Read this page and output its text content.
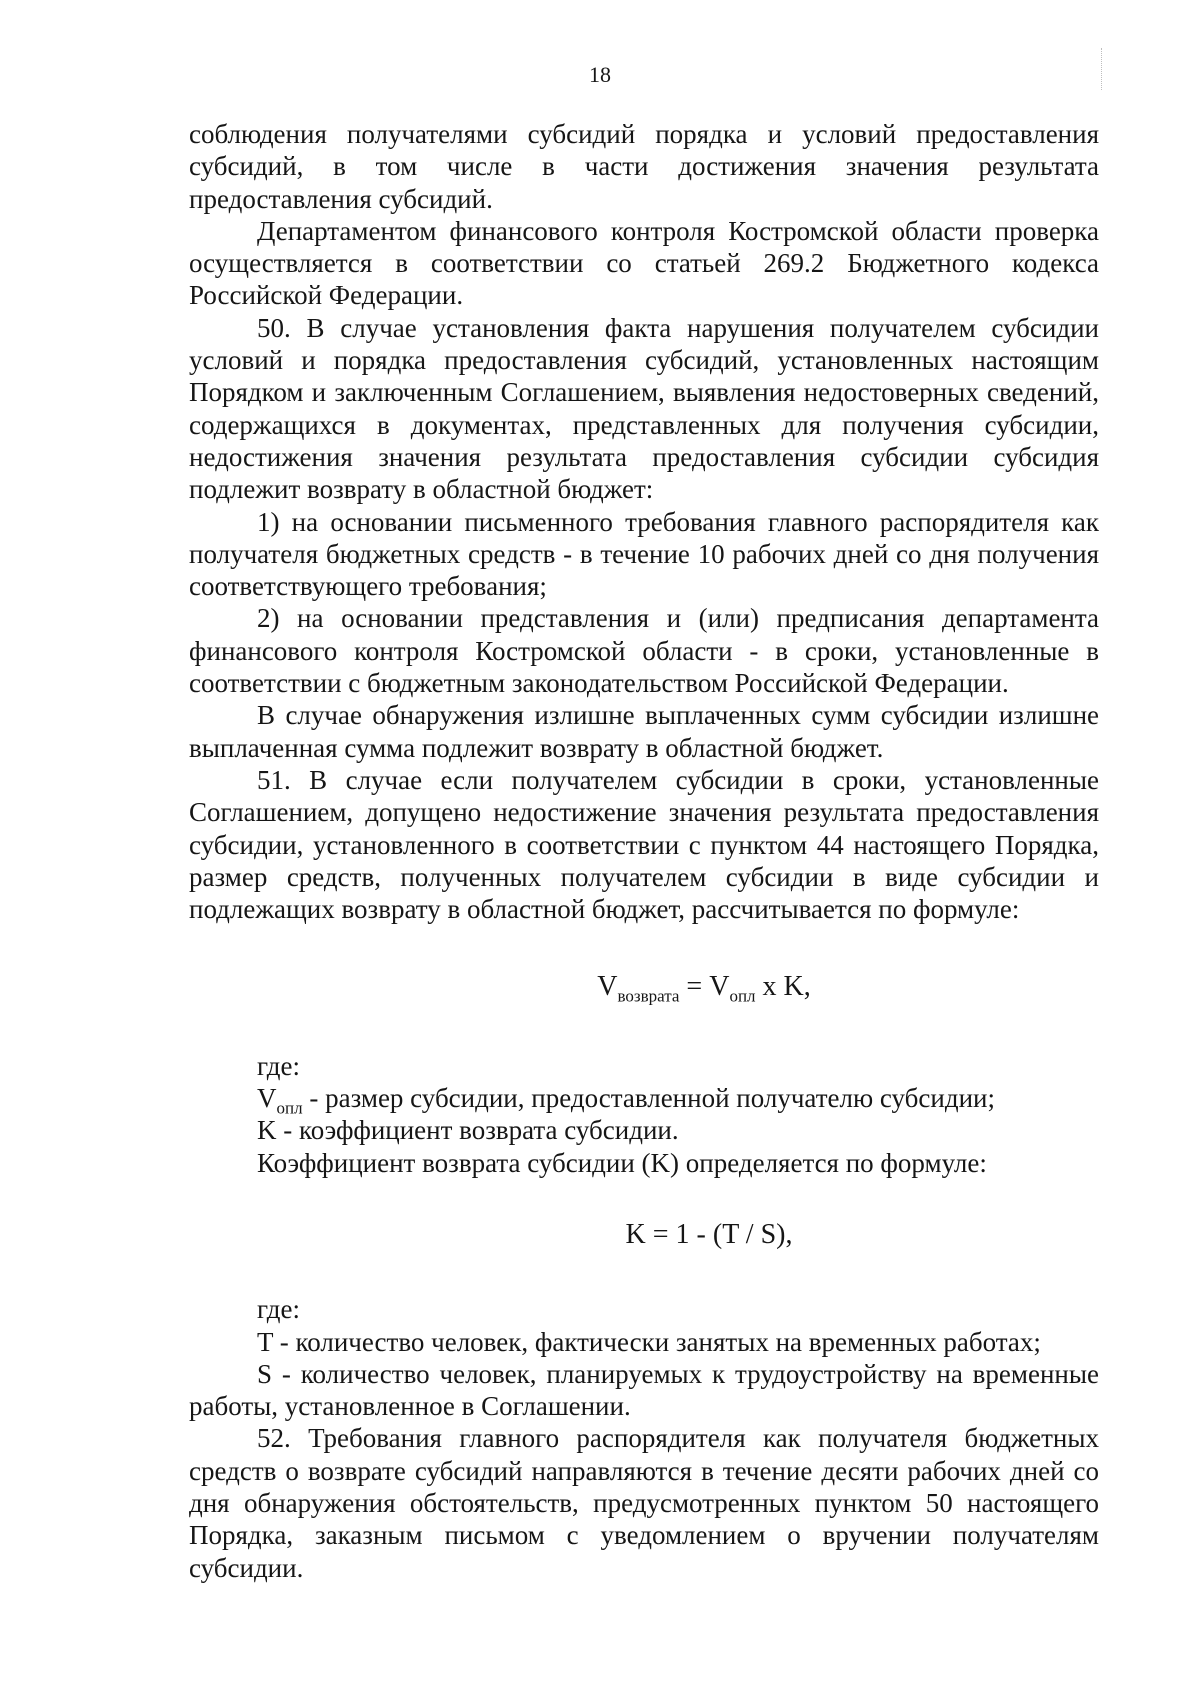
18

соблюдения получателями субсидий порядка и условий предоставления субсидий, в том числе в части достижения значения результата предоставления субсидий.

Департаментом финансового контроля Костромской области проверка осуществляется в соответствии со статьей 269.2 Бюджетного кодекса Российской Федерации.

50. В случае установления факта нарушения получателем субсидии условий и порядка предоставления субсидий, установленных настоящим Порядком и заключенным Соглашением, выявления недостоверных сведений, содержащихся в документах, представленных для получения субсидии, недостижения значения результата предоставления субсидии субсидия подлежит возврату в областной бюджет:

1) на основании письменного требования главного распорядителя как получателя бюджетных средств - в течение 10 рабочих дней со дня получения соответствующего требования;

2) на основании представления и (или) предписания департамента финансового контроля Костромской области - в сроки, установленные в соответствии с бюджетным законодательством Российской Федерации.

В случае обнаружения излишне выплаченных сумм субсидии излишне выплаченная сумма подлежит возврату в областной бюджет.

51. В случае если получателем субсидии в сроки, установленные Соглашением, допущено недостижение значения результата предоставления субсидии, установленного в соответствии с пунктом 44 настоящего Порядка, размер средств, полученных получателем субсидии в виде субсидии и подлежащих возврату в областной бюджет, рассчитывается по формуле:

$V_{возврата} = V_{опл}$ x K,

где:

$V_{опл}$ - размер субсидии, предоставленной получателю субсидии;

K - коэффициент возврата субсидии.

Коэффициент возврата субсидии (K) определяется по формуле:

K = 1 - (T / S),

где:

T - количество человек, фактически занятых на временных работах;

S - количество человек, планируемых к трудоустройству на временные работы, установленное в Соглашении.

52. Требования главного распорядителя как получателя бюджетных средств о возврате субсидий направляются в течение десяти рабочих дней со дня обнаружения обстоятельств, предусмотренных пунктом 50 настоящего Порядка, заказным письмом с уведомлением о вручении получателям субсидии.
